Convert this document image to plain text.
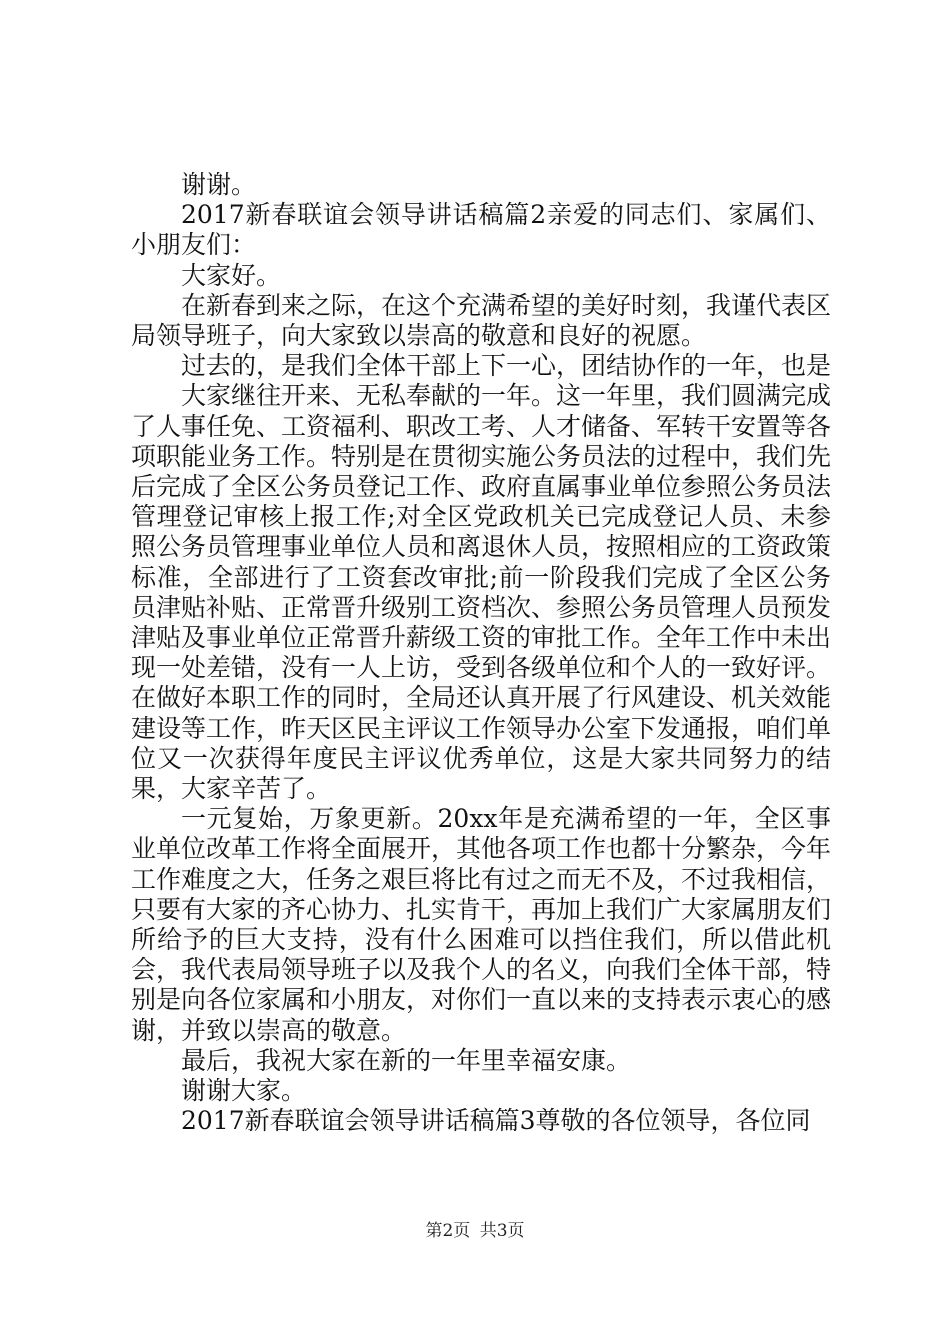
谢谢。

2017新春联谊会领导讲话稿篇2亲爱的同志们、家属们、小朋友们：

大家好。

在新春到来之际，在这个充满希望的美好时刻，我谨代表区局领导班子，向大家致以崇高的敬意和良好的祝愿。

过去的，是我们全体干部上下一心，团结协作的一年，也是

大家继往开来、无私奉献的一年。这一年里，我们圆满完成了人事任免、工资福利、职改工考、人才储备、军转干安置等各项职能业务工作。特别是在贯彻实施公务员法的过程中，我们先后完成了全区公务员登记工作、政府直属事业单位参照公务员法管理登记审核上报工作;对全区党政机关已完成登记人员、未参照公务员管理事业单位人员和离退休人员，按照相应的工资政策标准，全部进行了工资套改审批;前一阶段我们完成了全区公务员津贴补贴、正常晋升级别工资档次、参照公务员管理人员预发津贴及事业单位正常晋升薪级工资的审批工作。全年工作中未出现一处差错，没有一人上访，受到各级单位和个人的一致好评。在做好本职工作的同时，全局还认真开展了行风建设、机关效能建设等工作，昨天区民主评议工作领导办公室下发通报，咱们单位又一次获得年度民主评议优秀单位，这是大家共同努力的结果，大家辛苦了。

一元复始，万象更新。20xx年是充满希望的一年，全区事业单位改革工作将全面展开，其他各项工作也都十分繁杂，今年工作难度之大，任务之艰巨将比有过之而无不及，不过我相信，只要有大家的齐心协力、扎实肯干，再加上我们广大家属朋友们所给予的巨大支持，没有什么困难可以挡住我们，所以借此机会，我代表局领导班子以及我个人的名义，向我们全体干部，特别是向各位家属和小朋友，对你们一直以来的支持表示衷心的感谢，并致以崇高的敬意。

最后，我祝大家在新的一年里幸福安康。

谢谢大家。

2017新春联谊会领导讲话稿篇3尊敬的各位领导，各位同

第2页 共3页
